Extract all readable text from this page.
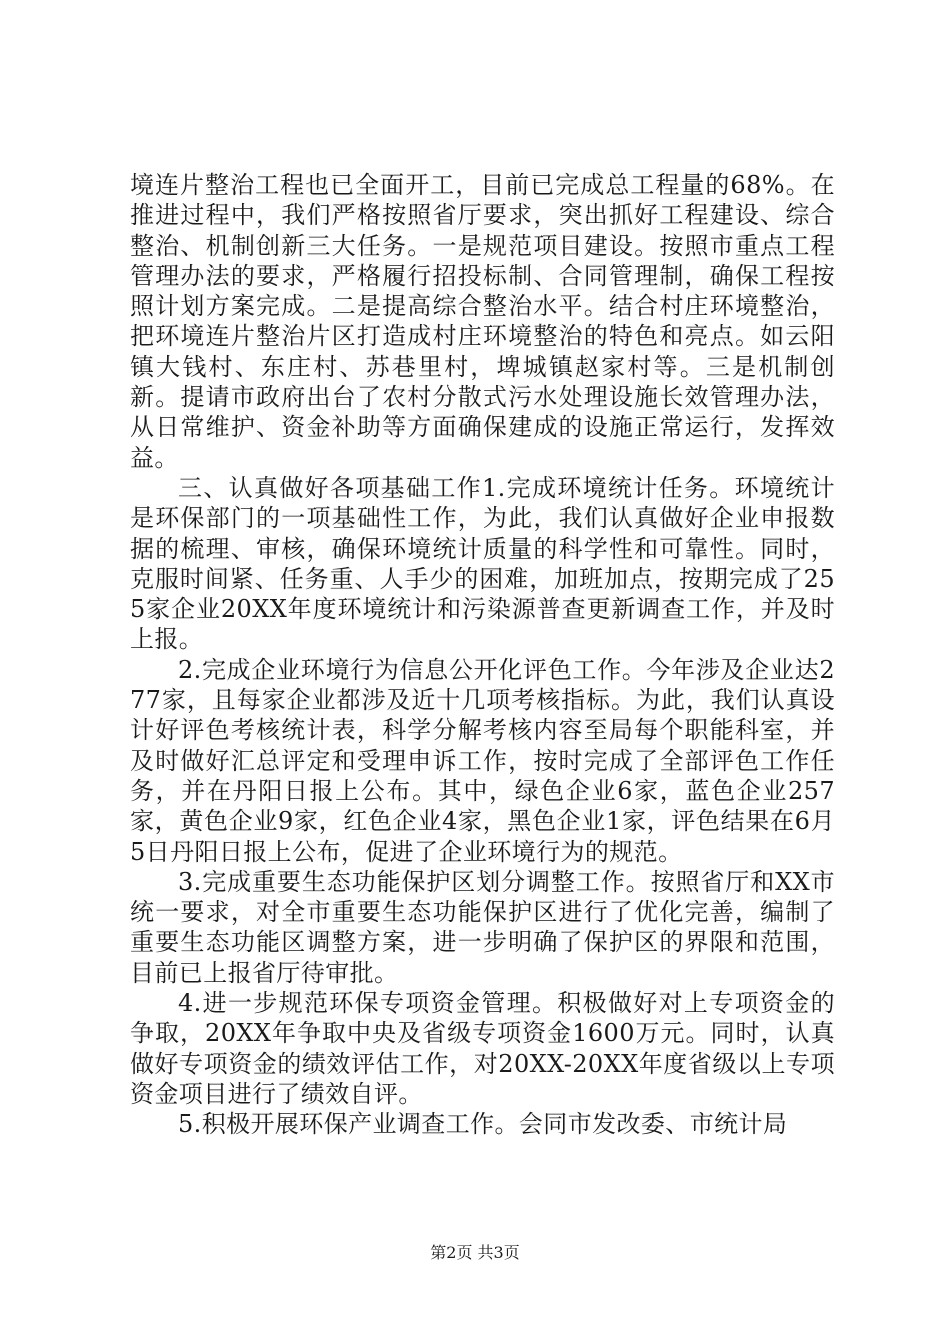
境连片整治工程也已全面开工，目前已完成总工程量的68%。在推进过程中，我们严格按照省厅要求，突出抓好工程建设、综合整治、机制创新三大任务。一是规范项目建设。按照市重点工程管理办法的要求，严格履行招投标制、合同管理制，确保工程按照计划方案完成。二是提高综合整治水平。结合村庄环境整治，把环境连片整治片区打造成村庄环境整治的特色和亮点。如云阳镇大钱村、东庄村、苏巷里村，埤城镇赵家村等。三是机制创新。提请市政府出台了农村分散式污水处理设施长效管理办法，从日常维护、资金补助等方面确保建成的设施正常运行，发挥效益。

三、认真做好各项基础工作1.完成环境统计任务。环境统计是环保部门的一项基础性工作，为此，我们认真做好企业申报数据的梳理、审核，确保环境统计质量的科学性和可靠性。同时，克服时间紧、任务重、人手少的困难，加班加点，按期完成了255家企业20XX年度环境统计和污染源普查更新调查工作，并及时上报。

2.完成企业环境行为信息公开化评色工作。今年涉及企业达277家，且每家企业都涉及近十几项考核指标。为此，我们认真设计好评色考核统计表，科学分解考核内容至局每个职能科室，并及时做好汇总评定和受理申诉工作，按时完成了全部评色工作任务，并在丹阳日报上公布。其中，绿色企业6家，蓝色企业257家，黄色企业9家，红色企业4家，黑色企业1家，评色结果在6月5日丹阳日报上公布，促进了企业环境行为的规范。

3.完成重要生态功能保护区划分调整工作。按照省厅和XX市统一要求，对全市重要生态功能保护区进行了优化完善，编制了重要生态功能区调整方案，进一步明确了保护区的界限和范围，目前已上报省厅待审批。

4.进一步规范环保专项资金管理。积极做好对上专项资金的争取，20XX年争取中央及省级专项资金1600万元。同时，认真做好专项资金的绩效评估工作，对20XX-20XX年度省级以上专项资金项目进行了绩效自评。

5.积极开展环保产业调查工作。会同市发改委、市统计局

第2页 共3页
